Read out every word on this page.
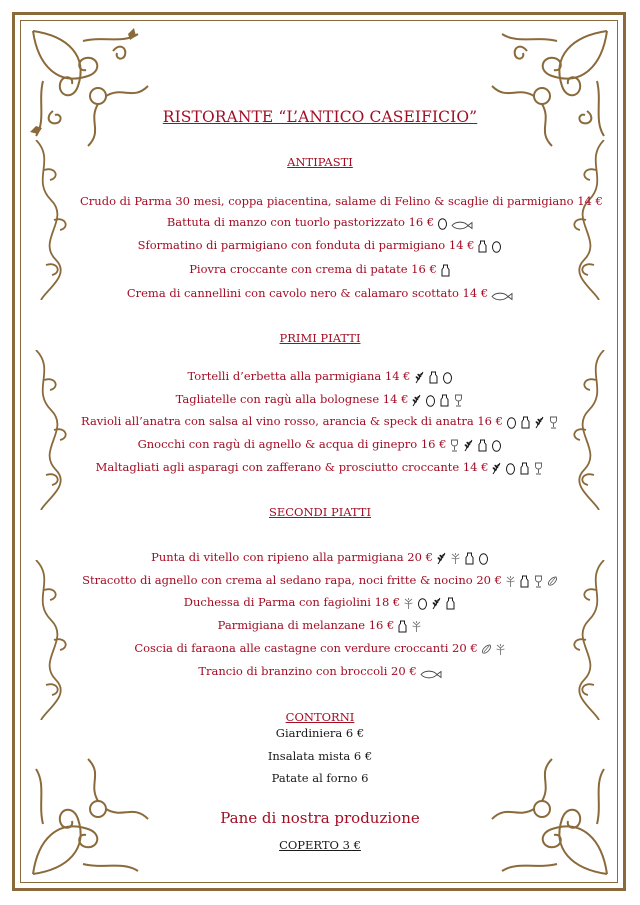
RISTORANTE “L’ANTICO CASEIFICIO”
ANTIPASTI
Crudo di Parma 30 mesi, coppa piacentina, salame di Felino & scaglie di parmigiano 14 €
Battuta di manzo con tuorlo pastorizzato 16 €
Sformatino di parmigiano con fonduta di parmigiano 14 €
Piovra croccante con crema di patate 16 €
Crema di cannellini con cavolo nero & calamaro scottato 14 €
PRIMI PIATTI
Tortelli d’erbetta alla parmigiana 14 €
Tagliatelle con ragù alla bolognese 14 €
Ravioli all’anatra con salsa al vino rosso, arancia & speck di anatra 16 €
Gnocchi con ragù di agnello & acqua di ginepro 16 €
Maltagliati agli asparagi con zafferano & prosciutto croccante 14 €
SECONDI PIATTI
Punta di vitello con ripieno alla parmigiana 20 €
Stracotto di agnello con crema al sedano rapa, noci fritte & nocino 20 €
Duchessa di Parma con fagiolini 18 €
Parmigiana di melanzane 16 €
Coscia di faraona alle castagne con verdure croccanti 20 €
Trancio di branzino con broccoli 20 €
CONTORNI
Giardiniera 6 €
Insalata mista 6 €
Patate al forno 6
Pane di nostra produzione
COPERTO 3 €
